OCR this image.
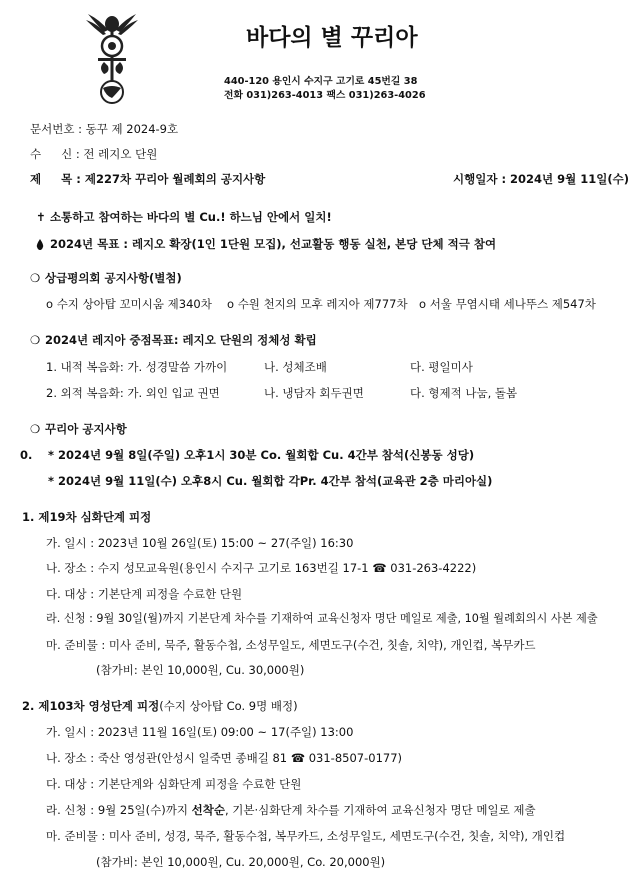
바다의 별 꾸리아
440-120 용인시 수지구 고기로 45번길 38
전화 031)263-4013 팩스 031)263-4026
문서번호 : 동꾸 제 2024-9호
수 신 : 전 레지오 단원
제 목 : 제227차 꾸리아 월례회의 공지사항	시행일자 : 2024년 9월 11일(수)
✝ 소통하고 참여하는 바다의 별 Cu.! 하느님 안에서 일치!
2024년 목표 : 레지오 확장(1인 1단원 모집), 선교활동 행동 실천, 본당 단체 적극 참여
❍ 상급평의회 공지사항(별첨)
o 수지 상아탑 꼬미시움 제340차 o 수원 천지의 모후 레지아 제777차 o 서울 무염시태 세나뚜스 제547차
❍ 2024년 레지아 중점목표: 레지오 단원의 정체성 확립
1. 내적 복음화: 가. 성경말씀 가까이	나. 성체조배	다. 평일미사
2. 외적 복음화: 가. 외인 입교 권면	나. 냉담자 회두권면	다. 형제적 나눔, 돌봄
❍ 꾸리아 공지사항
0. * 2024년 9월 8일(주일) 오후1시 30분 Co. 월회합 Cu. 4간부 참석(신봉동 성당)
* 2024년 9월 11일(수) 오후8시 Cu. 월회합 각Pr. 4간부 참석(교육관 2층 마리아실)
1. 제19차 심화단계 피정
가. 일시 : 2023년 10월 26일(토) 15:00 ~ 27(주일) 16:30
나. 장소 : 수지 성모교육원(용인시 수지구 고기로 163번길 17-1 ☎ 031-263-4222)
다. 대상 : 기본단계 피정을 수료한 단원
라. 신청 : 9월 30일(월)까지 기본단계 차수를 기재하여 교육신청자 명단 메일로 제출, 10월 월례회의시 사본 제출
마. 준비물 : 미사 준비, 묵주, 활동수첩, 소성무일도, 세면도구(수건, 칫솔, 치약), 개인컵, 복무카드
(참가비: 본인 10,000원, Cu. 30,000원)
2. 제103차 영성단계 피정(수지 상아탑 Co. 9명 배정)
가. 일시 : 2023년 11월 16일(토) 09:00 ~ 17(주일) 13:00
나. 장소 : 죽산 영성관(안성시 일죽면 종배길 81 ☎ 031-8507-0177)
다. 대상 : 기본단계와 심화단계 피정을 수료한 단원
라. 신청 : 9월 25일(수)까지 선착순, 기본·심화단계 차수를 기재하여 교육신청자 명단 메일로 제출
마. 준비물 : 미사 준비, 성경, 묵주, 활동수첩, 복무카드, 소성무일도, 세면도구(수건, 칫솔, 치약), 개인컵
(참가비: 본인 10,000원, Cu. 20,000원, Co. 20,000원)
